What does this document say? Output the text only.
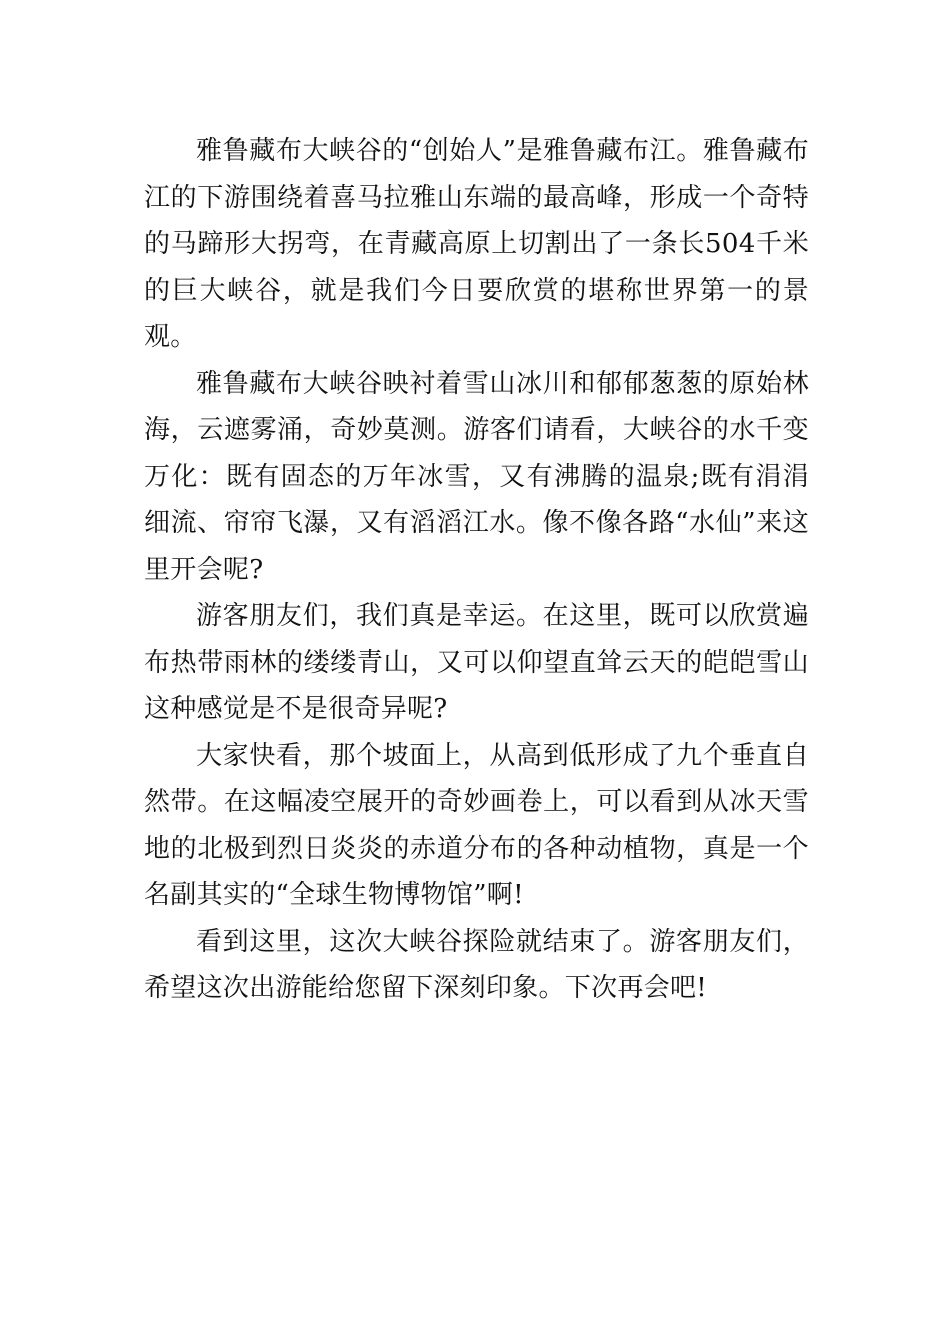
雅鲁藏布大峡谷的“创始人”是雅鲁藏布江。雅鲁藏布江的下游围绕着喜马拉雅山东端的最高峰，形成一个奇特的马蹄形大拐弯，在青藏高原上切割出了一条长504千米的巨大峡谷，就是我们今日要欣赏的堪称世界第一的景观。

雅鲁藏布大峡谷映衬着雪山冰川和郁郁葱葱的原始林海，云遮雾涌，奇妙莫测。游客们请看，大峡谷的水千变万化：既有固态的万年冰雪，又有沸腾的温泉;既有涓涓细流、帘帘飞瀑，又有滔滔江水。像不像各路“水仙”来这里开会呢?

游客朋友们，我们真是幸运。在这里，既可以欣赏遍布热带雨林的缕缕青山，又可以仰望直耸云天的皑皑雪山这种感觉是不是很奇异呢?

大家快看，那个坡面上，从高到低形成了九个垂直自然带。在这幅凌空展开的奇妙画卷上，可以看到从冰天雪地的北极到烈日炎炎的赤道分布的各种动植物，真是一个名副其实的“全球生物博物馆”啊!

看到这里，这次大峡谷探险就结束了。游客朋友们，希望这次出游能给您留下深刻印象。下次再会吧!
